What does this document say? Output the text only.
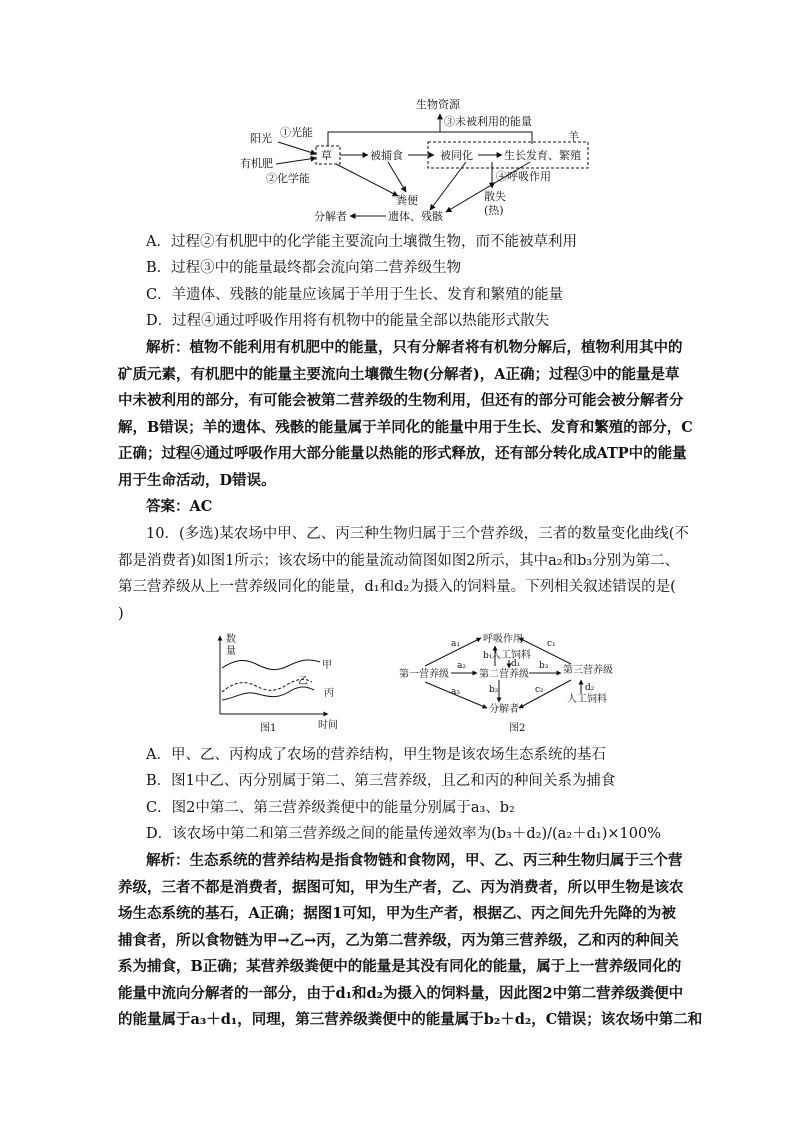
生物资源
③未被利用的能量
阳光 ①光能
有机肥
②化学能
草	被捕食
羊
被同化	生长发育、繁殖
④呼吸作用
散失
(热)
粪便
遗体、残骸
分解者
A．过程②有机肥中的化学能主要流向土壤微生物，而不能被草利用
B．过程③中的能量最终都会流向第二营养级生物
C．羊遗体、残骸的能量应该属于羊用于生长、发育和繁殖的能量
D．过程④通过呼吸作用将有机物中的能量全部以热能形式散失
解析：植物不能利用有机肥中的能量，只有分解者将有机物分解后，植物利用其中的
矿质元素，有机肥中的能量主要流向土壤微生物(分解者)，A正确；过程③中的能量是草
中未被利用的部分，有可能会被第二营养级的生物利用，但还有的部分可能会被分解者分
解，B错误；羊的遗体、残骸的能量属于羊同化的能量中用于生长、发育和繁殖的部分，C
正确；过程④通过呼吸作用大部分能量以热能的形式释放，还有部分转化成ATP中的能量
用于生命活动，D错误。
答案：AC
10．(多选)某农场中甲、乙、丙三种生物归属于三个营养级，三者的数量变化曲线(不
都是消费者)如图1所示；该农场中的能量流动简图如图2所示，其中a₂和b₃分别为第二、
第三营养级从上一营养级同化的能量，d₁和d₂为摄入的饲料量。下列相关叙述错误的是(
)
数
量
甲
乙
丙
时间
图1
呼吸作用
人工饲料
第一营养级	第二营养级	第三营养级
人工饲料
分解者
图2
a₁
a₂
a₃
b₁
d₁ b₃
b₂
c₁
c₂	d₂
A．甲、乙、丙构成了农场的营养结构，甲生物是该农场生态系统的基石
B．图1中乙、丙分别属于第二、第三营养级，且乙和丙的种间关系为捕食
C．图2中第二、第三营养级粪便中的能量分别属于a₃、b₂
D．该农场中第二和第三营养级之间的能量传递效率为(b₃＋d₂)/(a₂＋d₁)×100%
解析：生态系统的营养结构是指食物链和食物网，甲、乙、丙三种生物归属于三个营
养级，三者不都是消费者，据图可知，甲为生产者，乙、丙为消费者，所以甲生物是该农
场生态系统的基石，A正确；据图1可知，甲为生产者，根据乙、丙之间先升先降的为被
捕食者，所以食物链为甲→乙→丙，乙为第二营养级，丙为第三营养级，乙和丙的种间关
系为捕食，B正确；某营养级粪便中的能量是其没有同化的能量，属于上一营养级同化的
能量中流向分解者的一部分，由于d₁和d₂为摄入的饲料量，因此图2中第二营养级粪便中
的能量属于a₃＋d₁，同理，第三营养级粪便中的能量属于b₂＋d₂，C错误；该农场中第二和
